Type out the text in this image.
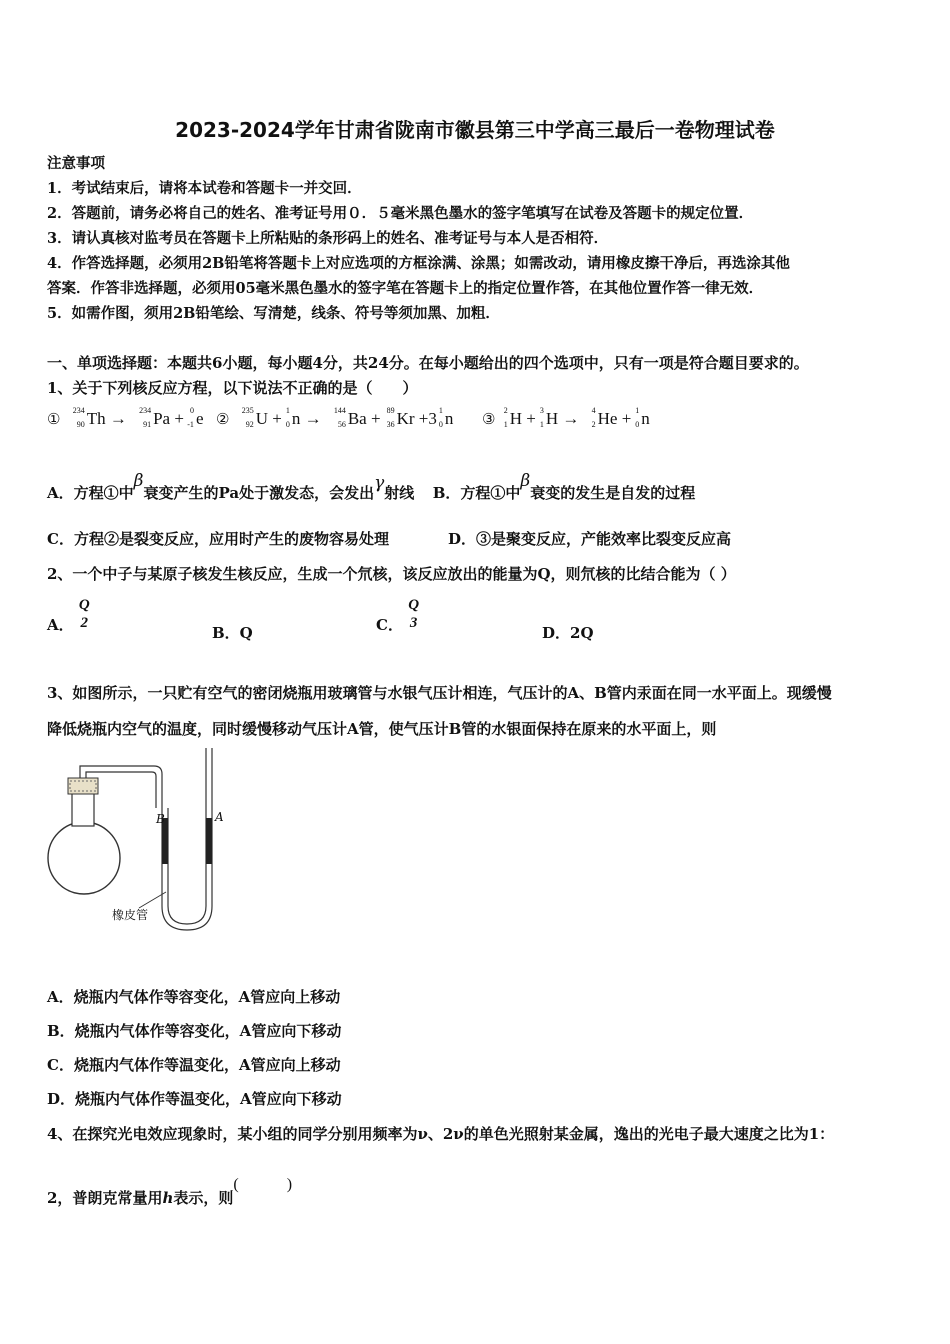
2023-2024学年甘肃省陇南市徽县第三中学高三最后一卷物理试卷
注意事项
1．考试结束后，请将本试卷和答题卡一并交回．
2．答题前，请务必将自己的姓名、准考证号用０．５毫米黑色墨水的签字笔填写在试卷及答题卡的规定位置．
3．请认真核对监考员在答题卡上所粘贴的条形码上的姓名、准考证号与本人是否相符．
4．作答选择题，必须用2B铅笔将答题卡上对应选项的方框涂满、涂黑；如需改动，请用橡皮擦干净后，再选涂其他
答案．作答非选择题，必须用05毫米黑色墨水的签字笔在答题卡上的指定位置作答，在其他位置作答一律无效．
5．如需作图，须用2B铅笔绘、写清楚，线条、符号等须加黑、加粗．
一、单项选择题：本题共6小题，每小题4分，共24分。在每小题给出的四个选项中，只有一项是符合题目要求的。
1、关于下列核反应方程，以下说法不正确的是（　　）
①
234
90 Th → 234
91 Pa + 0
-1 e ②
235
92 U + 1
0 n → 144
56 Ba + 89
36 Kr +3 1
0 n ③
2
1 H + 3
1 H → 4
2 He + 1
0 n
A．方程①中β衰变产生的Pa处于激发态，会发出γ射线 B．方程①中β衰变的发生是自发的过程
C．方程②是裂变反应，应用时产生的废物容易处理	D．③是聚变反应，产能效率比裂变反应高
2、一个中子与某原子核发生核反应，生成一个氘核，该反应放出的能量为Q，则氘核的比结合能为（ ）
A．
Q
2
B．Q	C．
Q
3
D．2Q
3、如图所示，一只贮有空气的密闭烧瓶用玻璃管与水银气压计相连，气压计的A、B管内汞面在同一水平面上。现缓慢
降低烧瓶内空气的温度，同时缓慢移动气压计A管，使气压计B管的水银面保持在原来的水平面上，则
B	A
橡皮管
A．烧瓶内气体作等容变化，A管应向上移动
B．烧瓶内气体作等容变化，A管应向下移动
C．烧瓶内气体作等温变化，A管应向上移动
D．烧瓶内气体作等温变化，A管应向下移动
4、在探究光电效应现象时，某小组的同学分别用频率为ν、2ν的单色光照射某金属，逸出的光电子最大速度之比为1：
2，普朗克常量用h表示，则(　　　)
